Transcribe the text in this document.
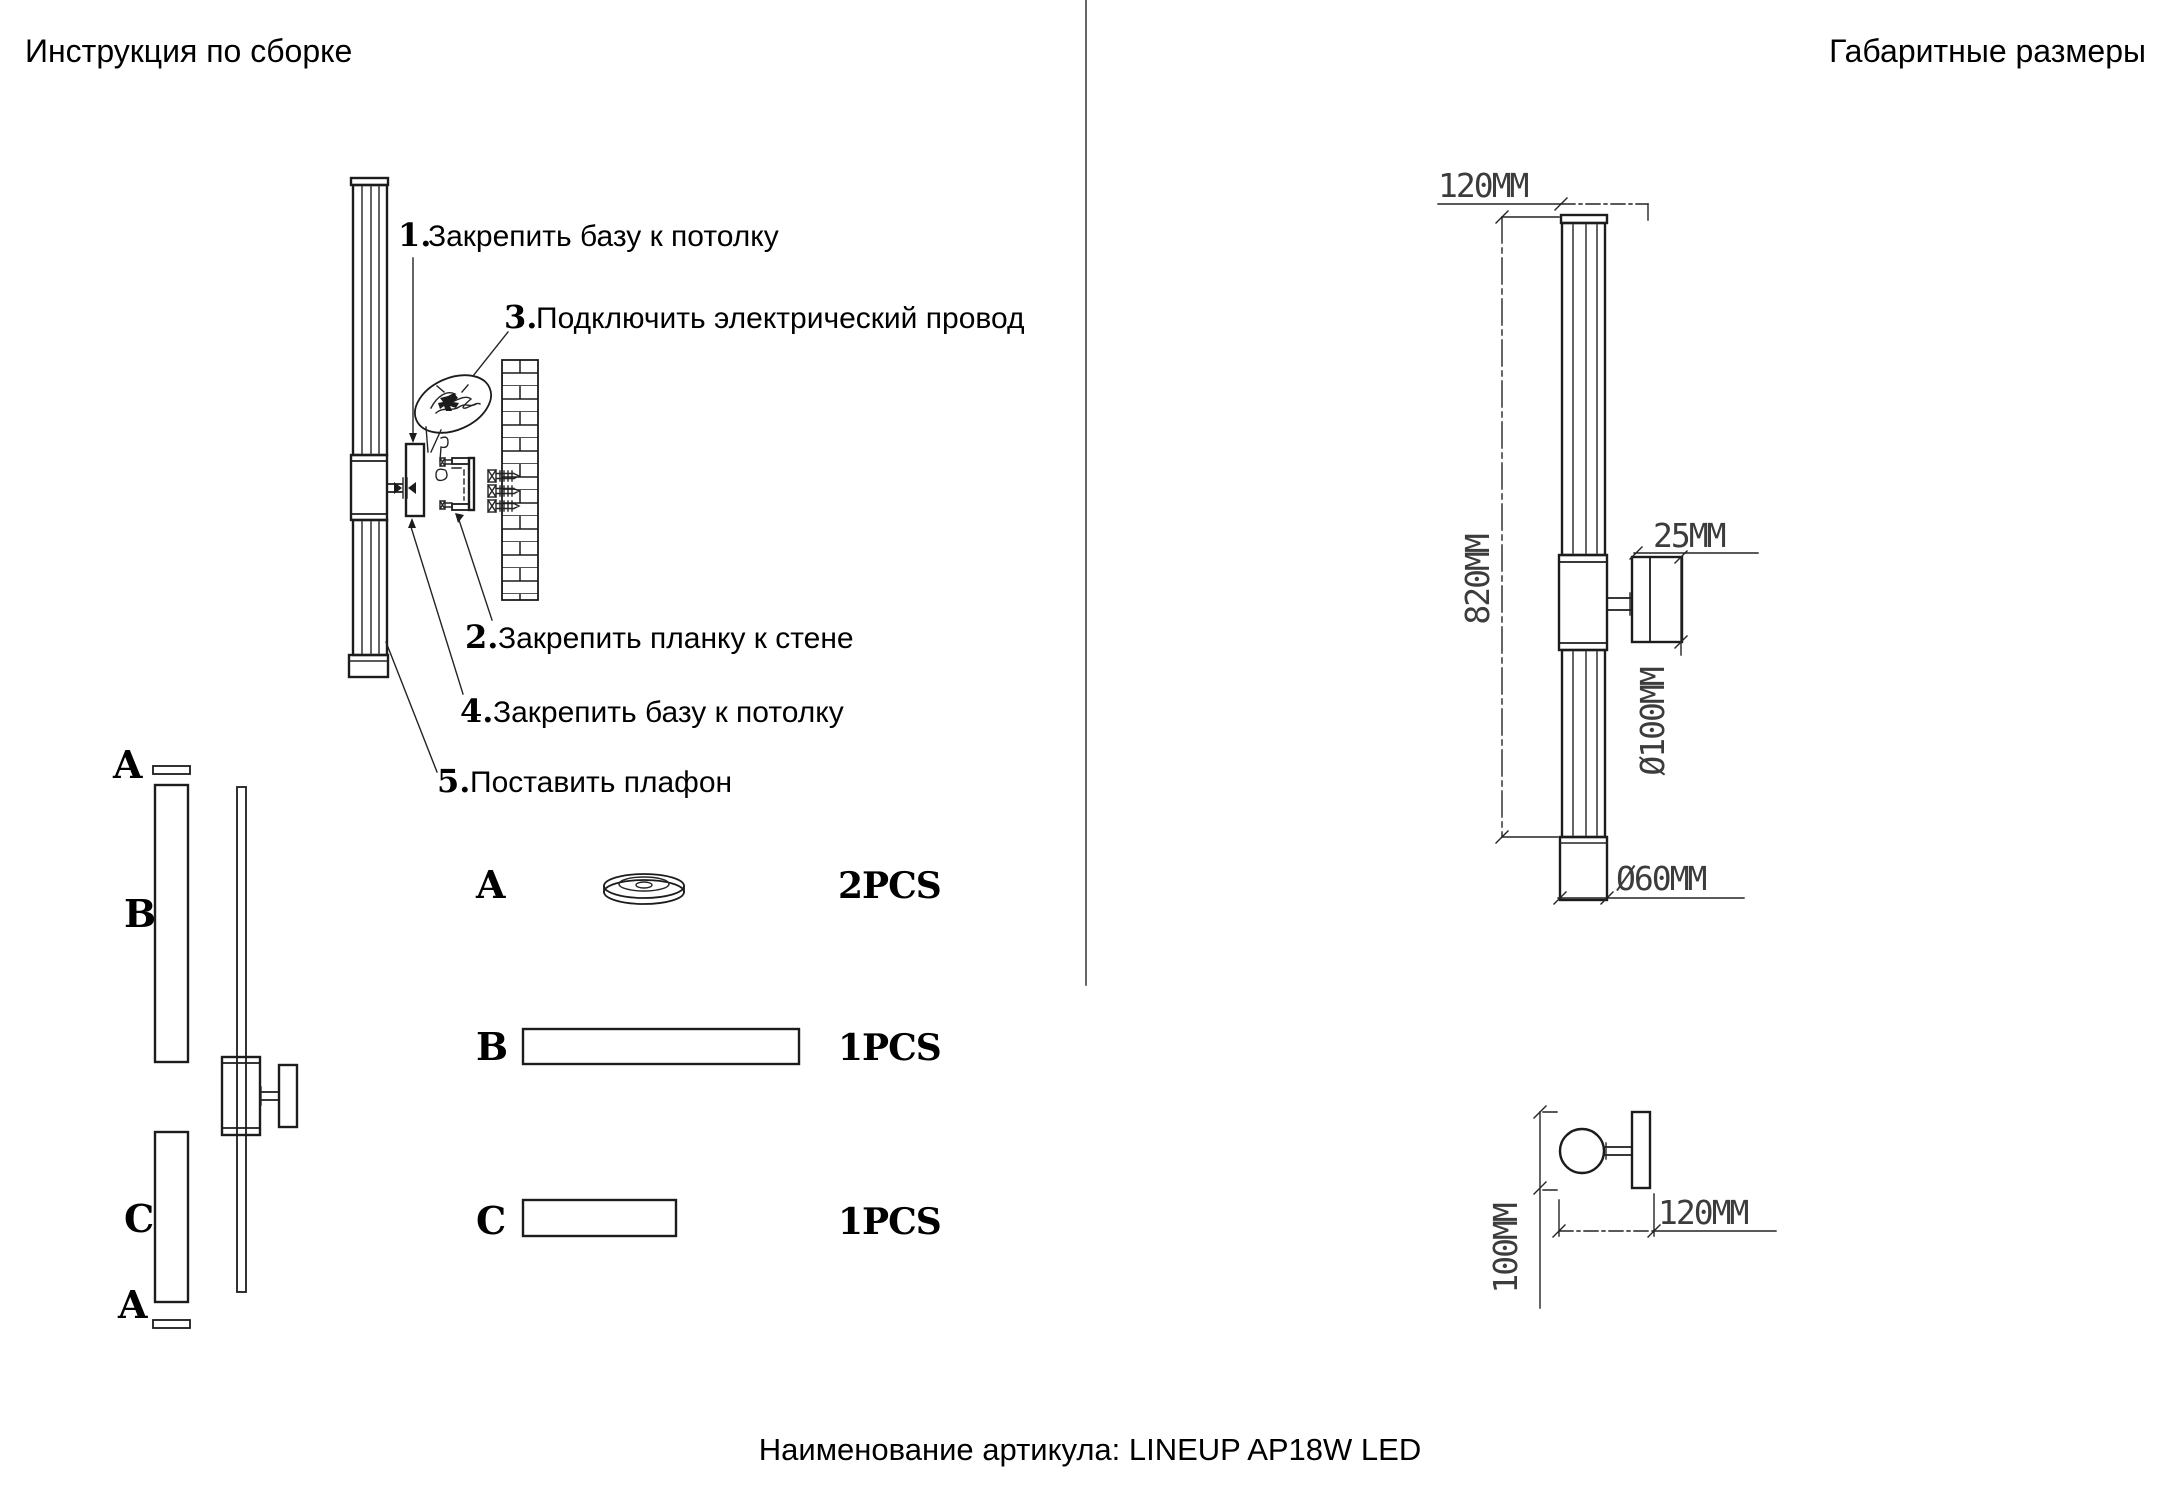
Инструкция по сборке	Габаритные размеры
Наименование артикула: LINEUP AP18W LED
1.
Закрепить базу к потолку
3.
Подключить электрический провод
2. Закрепить планку к стене
4. Закрепить базу к потолку
5. Поставить плафон
A
B
C
A
A	2PCS
B	1PCS
C	1PCS
120MM
820MM	25MM
Ø100MM
Ø60MM
100MM	120MM
